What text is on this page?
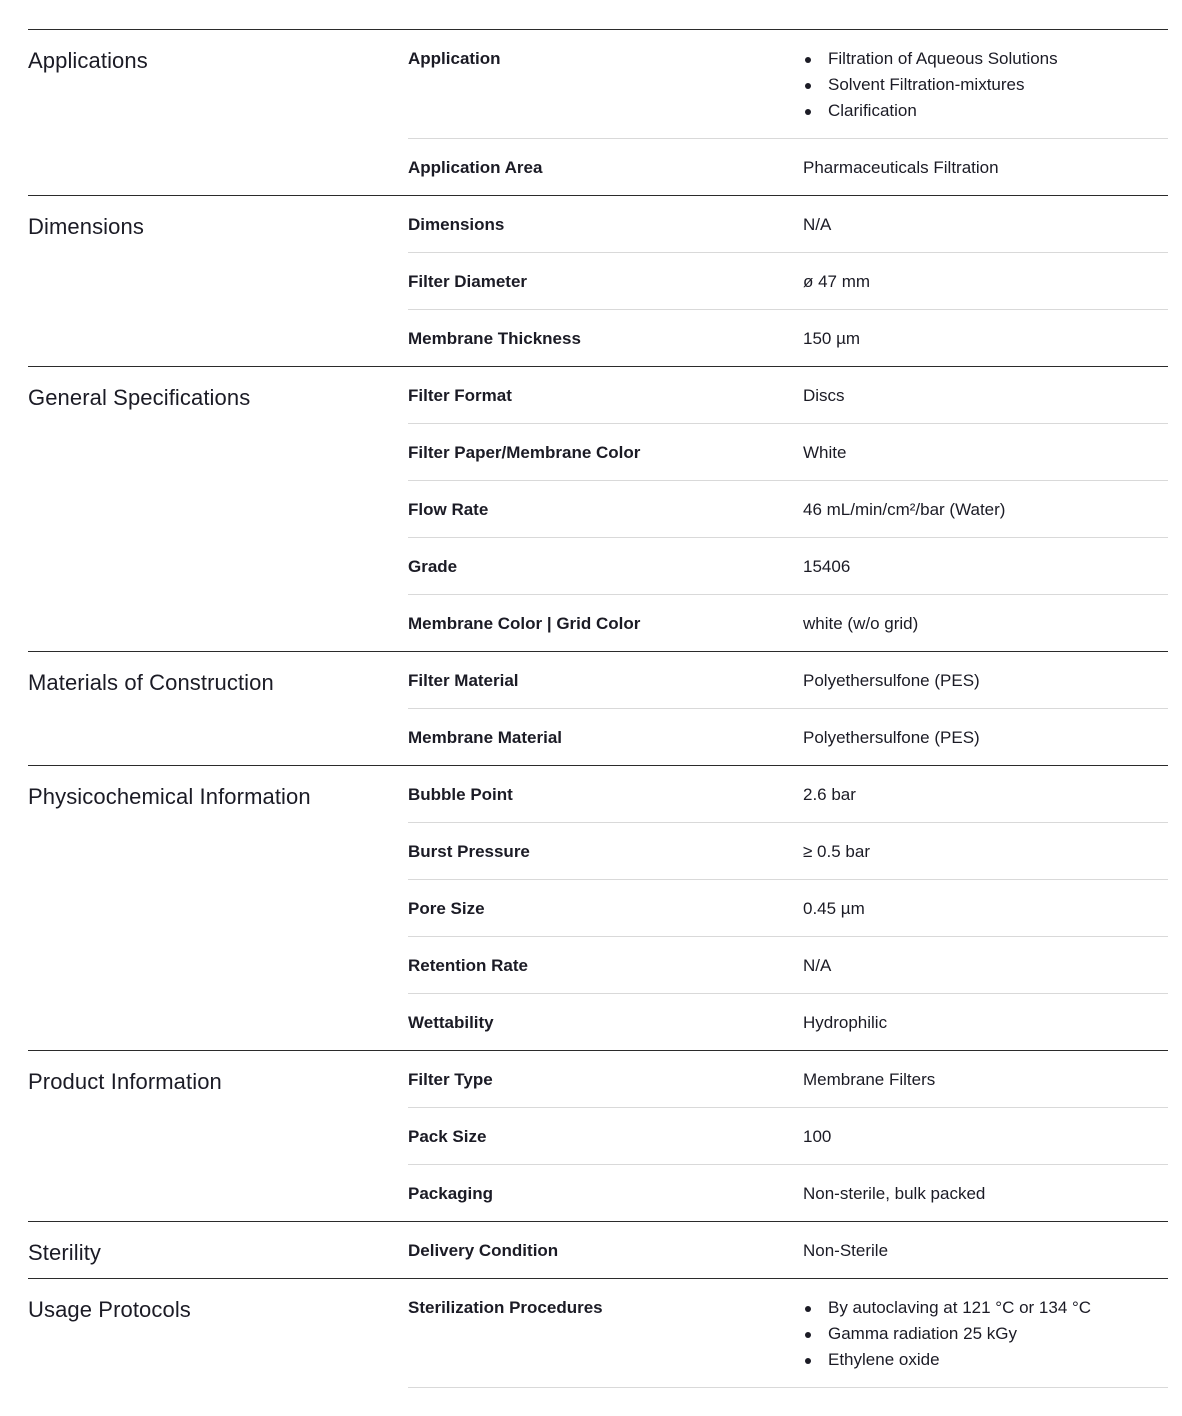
Applications	Application	Filtration of Aqueous Solutions
Solvent Filtration-mixtures
Clarification
Application Area	Pharmaceuticals Filtration
Dimensions	Dimensions	N/A
Filter Diameter	ø 47 mm
Membrane Thickness	150 µm
General Specifications	Filter Format	Discs
Filter Paper/Membrane Color	White
Flow Rate	46 mL/min/cm²/bar (Water)
Grade	15406
Membrane Color | Grid Color	white (w/o grid)
Materials of Construction	Filter Material	Polyethersulfone (PES)
Membrane Material	Polyethersulfone (PES)
Physicochemical Information	Bubble Point	2.6 bar
Burst Pressure	≥ 0.5 bar
Pore Size	0.45 µm
Retention Rate	N/A
Wettability	Hydrophilic
Product Information	Filter Type	Membrane Filters
Pack Size	100
Packaging	Non-sterile, bulk packed
Sterility	Delivery Condition	Non-Sterile
Usage Protocols	Sterilization Procedures	By autoclaving at 121 °C or 134 °C
Gamma radiation 25 kGy
Ethylene oxide
